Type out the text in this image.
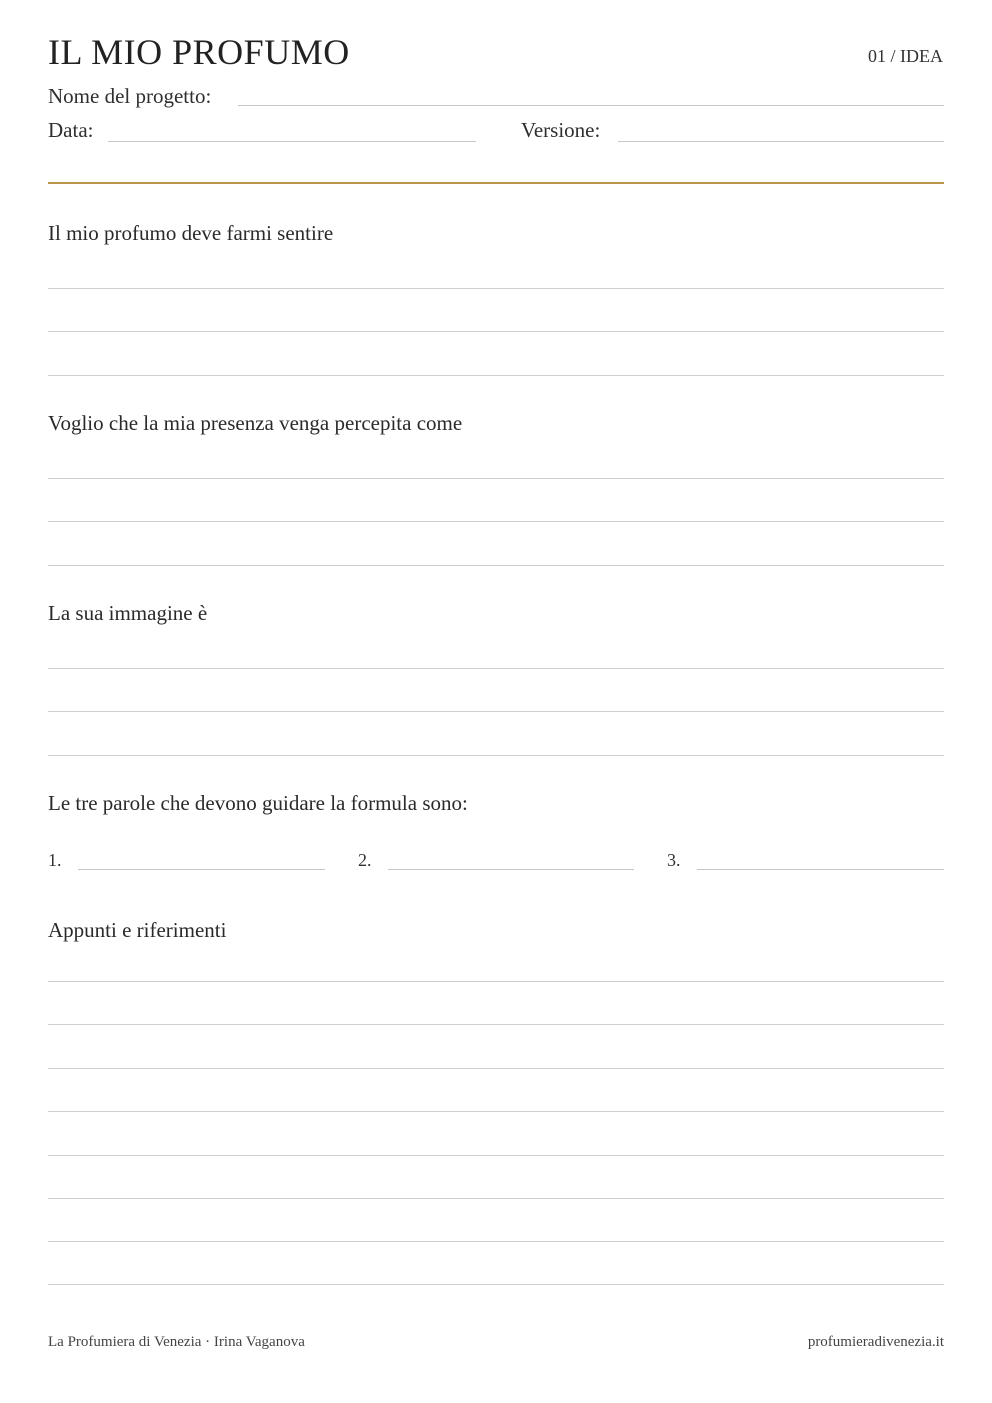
IL MIO PROFUMO	01 / IDEA
Nome del progetto:
Data:	Versione:
Il mio profumo deve farmi sentire
Voglio che la mia presenza venga percepita come
La sua immagine è
Le tre parole che devono guidare la formula sono:
1.	2.	3.
Appunti e riferimenti
La Profumiera di Venezia · Irina Vaganova	profumieradivenezia.it
